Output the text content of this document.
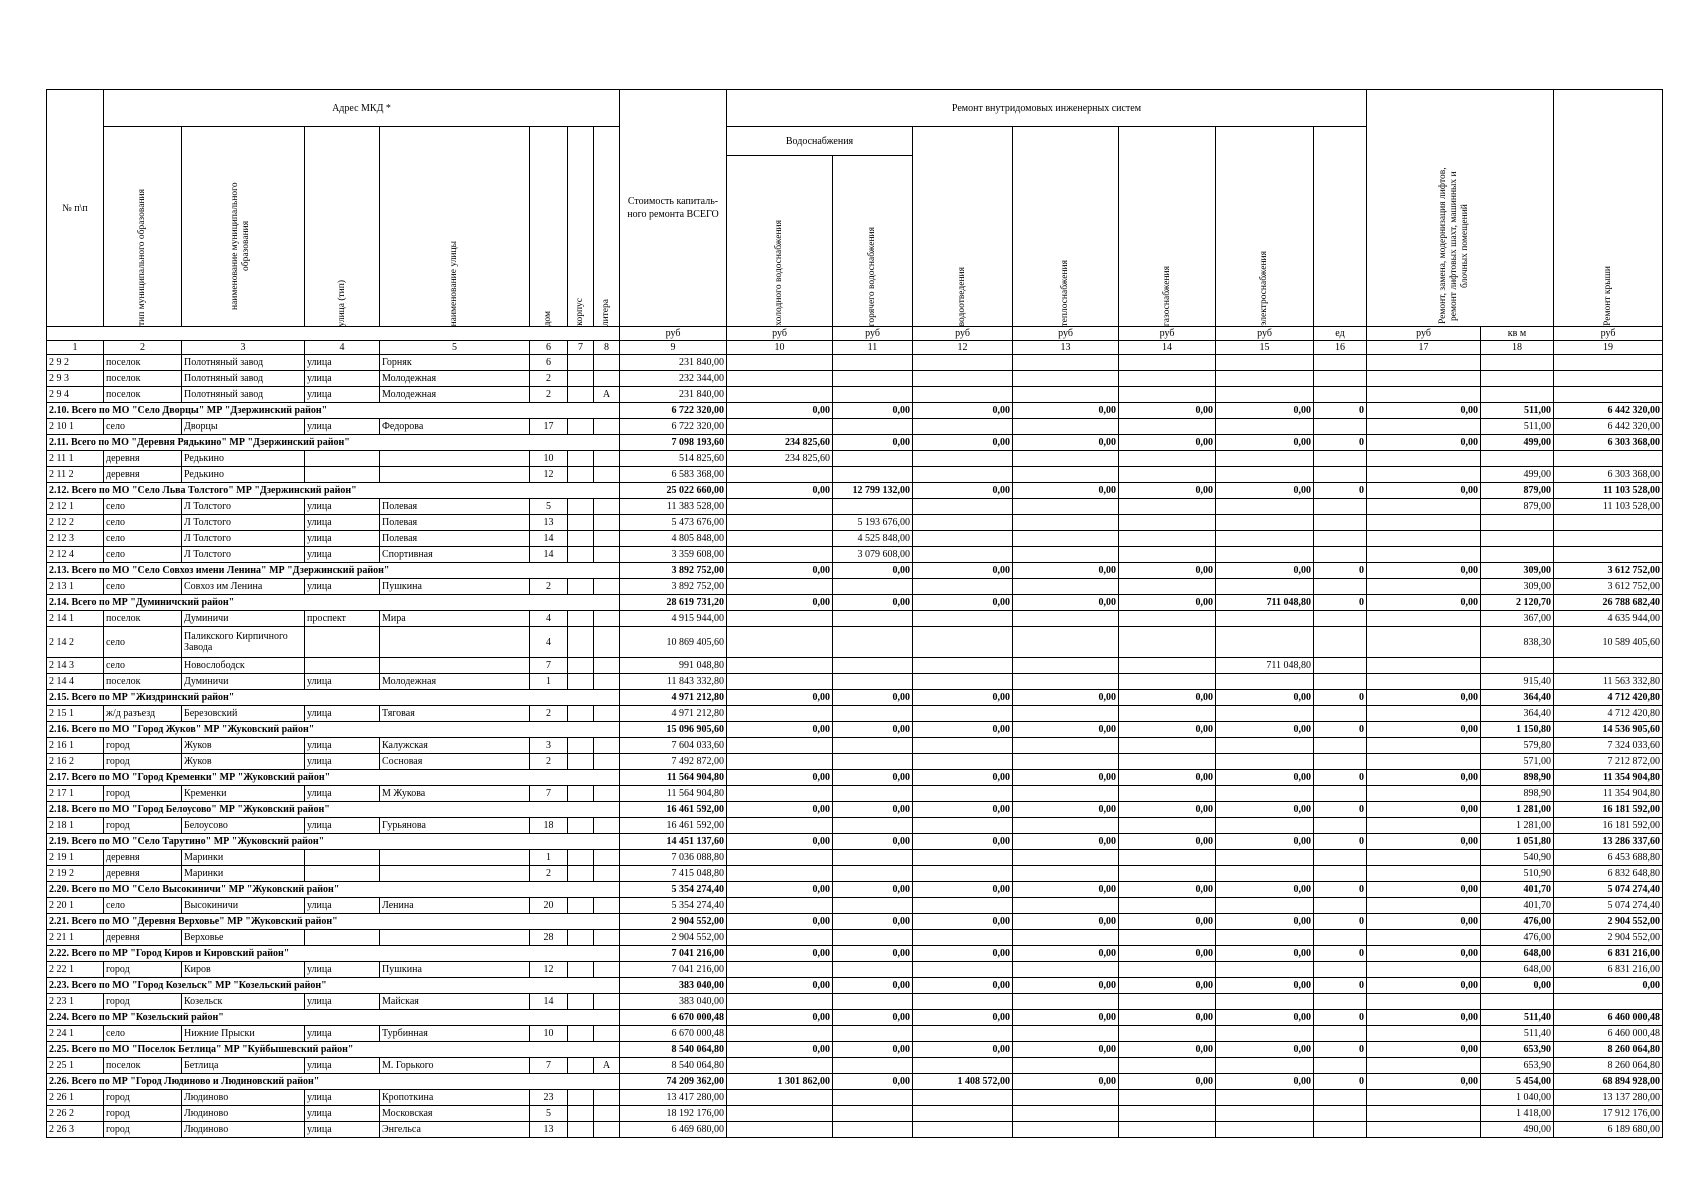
№ п\п	Адрес МКД *							Стоимость капиталь-ного ремонта ВСЕГО	Ремонт внутридомовых инженерных систем							Ремонт, замена, модернизация лифтов, ремонт лифтовых шахт, машинных и блочных помещений		Ремонт крыши

	тип муниципального образования	наименование муниципального образования	улица (тип)	наименование улицы	дом	корпус	литера		Водоснабжения		водоотведения	теплоснабжения	газоснабжения	электроснабжения				

									холодного водоснабжения	горячего водоснабжения								

								руб	руб	руб	руб	руб	руб	руб	ед	руб	кв м	руб
1	2	3	4	5	6	7	8	9	10	11	12	13	14	15	16	17	18	19
2 9 2	поселок	Полотняный завод	улица	Горняк	6			231 840,00										
2 9 3	поселок	Полотняный завод	улица	Молодежная	2			232 344,00										
2 9 4	поселок	Полотняный завод	улица	Молодежная	2		А	231 840,00										
2.10. Всего по МО "Село Дворцы" МР "Дзержинский район"								6 722 320,00	0,00	0,00	0,00	0,00	0,00	0,00	0	0,00	511,00	6 442 320,00
2 10 1	село	Дворцы	улица	Федорова	17			6 722 320,00									511,00	6 442 320,00
2.11. Всего по МО "Деревня Рядькино" МР "Дзержинский район"								7 098 193,60	234 825,60	0,00	0,00	0,00	0,00	0,00	0	0,00	499,00	6 303 368,00
2 11 1	деревня	Редькино			10			514 825,60	234 825,60									
2 11 2	деревня	Редькино			12			6 583 368,00									499,00	6 303 368,00
2.12. Всего по МО "Село Льва Толстого" МР "Дзержинский район"								25 022 660,00	0,00	12 799 132,00	0,00	0,00	0,00	0,00	0	0,00	879,00	11 103 528,00
2 12 1	село	Л Толстого	улица	Полевая	5			11 383 528,00									879,00	11 103 528,00
2 12 2	село	Л Толстого	улица	Полевая	13			5 473 676,00		5 193 676,00								
2 12 3	село	Л Толстого	улица	Полевая	14			4 805 848,00		4 525 848,00								
2 12 4	село	Л Толстого	улица	Спортивная	14			3 359 608,00		3 079 608,00								
2.13. Всего по МО "Село Совхоз имени Ленина" МР "Дзержинский район"								3 892 752,00	0,00	0,00	0,00	0,00	0,00	0,00	0	0,00	309,00	3 612 752,00
2 13 1	село	Совхоз им Ленина	улица	Пушкина	2			3 892 752,00									309,00	3 612 752,00
2.14. Всего по МР "Думиничский район"								28 619 731,20	0,00	0,00	0,00	0,00	0,00	711 048,80	0	0,00	2 120,70	26 788 682,40
2 14 1	поселок	Думиничи	проспект	Мира	4			4 915 944,00									367,00	4 635 944,00
2 14 2	село	Паликского Кирпичного Завода			4			10 869 405,60									838,30	10 589 405,60
2 14 3	село	Новослободск			7			991 048,80						711 048,80				
2 14 4	поселок	Думиничи	улица	Молодежная	1			11 843 332,80									915,40	11 563 332,80
2.15. Всего по МР "Жиздринский район"								4 971 212,80	0,00	0,00	0,00	0,00	0,00	0,00	0	0,00	364,40	4 712 420,80
2 15 1	ж/д разъезд	Березовский	улица	Тяговая	2			4 971 212,80									364,40	4 712 420,80
2.16. Всего по МО "Город Жуков" МР "Жуковский район"								15 096 905,60	0,00	0,00	0,00	0,00	0,00	0,00	0	0,00	1 150,80	14 536 905,60
2 16 1	город	Жуков	улица	Калужская	3			7 604 033,60									579,80	7 324 033,60
2 16 2	город	Жуков	улица	Сосновая	2			7 492 872,00									571,00	7 212 872,00
2.17. Всего по МО "Город Кременки" МР "Жуковский район"								11 564 904,80	0,00	0,00	0,00	0,00	0,00	0,00	0	0,00	898,90	11 354 904,80
2 17 1	город	Кременки	улица	М Жукова	7			11 564 904,80									898,90	11 354 904,80
2.18. Всего по МО "Город Белоусово" МР "Жуковский район"								16 461 592,00	0,00	0,00	0,00	0,00	0,00	0,00	0	0,00	1 281,00	16 181 592,00
2 18 1	город	Белоусово	улица	Гурьянова	18			16 461 592,00									1 281,00	16 181 592,00
2.19. Всего по МО "Село Тарутино" МР "Жуковский район"								14 451 137,60	0,00	0,00	0,00	0,00	0,00	0,00	0	0,00	1 051,80	13 286 337,60
2 19 1	деревня	Маринки			1			7 036 088,80									540,90	6 453 688,80
2 19 2	деревня	Маринки			2			7 415 048,80									510,90	6 832 648,80
2.20. Всего по МО "Село Высокиничи" МР "Жуковский район"								5 354 274,40	0,00	0,00	0,00	0,00	0,00	0,00	0	0,00	401,70	5 074 274,40
2 20 1	село	Высокиничи	улица	Ленина	20			5 354 274,40									401,70	5 074 274,40
2.21. Всего по МО "Деревня Верховье" МР "Жуковский район"								2 904 552,00	0,00	0,00	0,00	0,00	0,00	0,00	0	0,00	476,00	2 904 552,00
2 21 1	деревня	Верховье			28			2 904 552,00									476,00	2 904 552,00
2.22. Всего по МР "Город Киров и Кировский район"								7 041 216,00	0,00	0,00	0,00	0,00	0,00	0,00	0	0,00	648,00	6 831 216,00
2 22 1	город	Киров	улица	Пушкина	12			7 041 216,00									648,00	6 831 216,00
2.23. Всего по МО "Город Козельск" МР "Козельский район"								383 040,00	0,00	0,00	0,00	0,00	0,00	0,00	0	0,00	0,00	0,00
2 23 1	город	Козельск	улица	Майская	14			383 040,00										
2.24. Всего по МР "Козельский район"								6 670 000,48	0,00	0,00	0,00	0,00	0,00	0,00	0	0,00	511,40	6 460 000,48
2 24 1	село	Нижние Прыски	улица	Турбинная	10			6 670 000,48									511,40	6 460 000,48
2.25. Всего по МО "Поселок Бетлица" МР "Куйбышевский район"								8 540 064,80	0,00	0,00	0,00	0,00	0,00	0,00	0	0,00	653,90	8 260 064,80
2 25 1	поселок	Бетлица	улица	М. Горького	7		А	8 540 064,80									653,90	8 260 064,80
2.26. Всего по МР "Город Людиново и Людиновский район"								74 209 362,00	1 301 862,00	0,00	1 408 572,00	0,00	0,00	0,00	0	0,00	5 454,00	68 894 928,00
2 26 1	город	Людиново	улица	Кропоткина	23			13 417 280,00									1 040,00	13 137 280,00
2 26 2	город	Людиново	улица	Московская	5			18 192 176,00									1 418,00	17 912 176,00
2 26 3	город	Людиново	улица	Энгельса	13			6 469 680,00									490,00	6 189 680,00
